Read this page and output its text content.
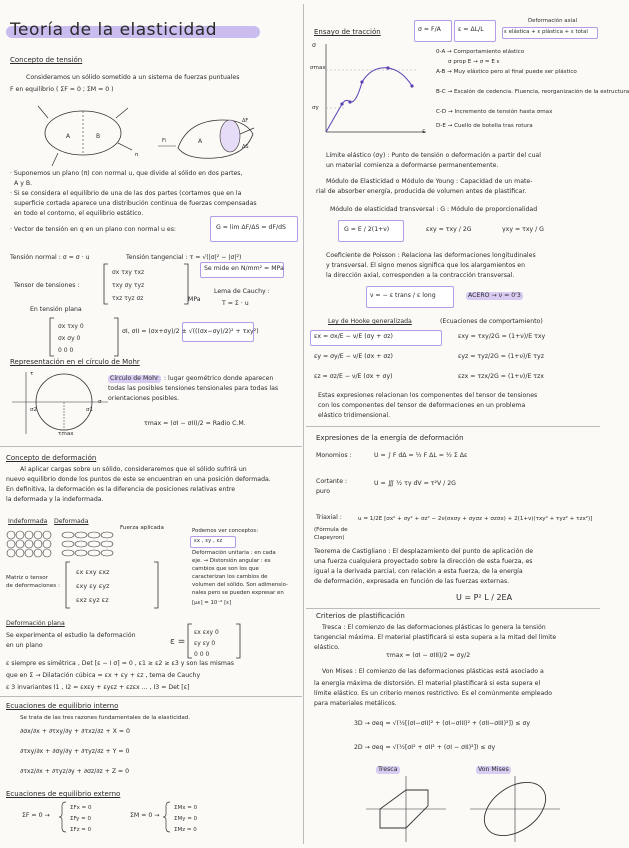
Teoría de la elasticidad
Concepto de tensión
Consideramos un sólido sometido a un sistema de fuerzas puntuales
F en equilibrio ( ΣF = 0 ; ΣM = 0 )
A	B
π
A
Fi
ΔF
ΔS
· Suponemos un plano (π) con normal u, que divide al sólido en dos partes,
A y B.
· Si se considera el equilibrio de una de las dos partes (cortamos que en la
superficie cortada aparece una distribución continua de fuerzas compensadas
en todo el contorno, el equilibrio estático.
· Vector de tensión en q en un plano con normal u es:	G = lim ΔF/ΔS = dF/dS
Tensión normal : σ = σ · u	Tensión tangencial : τ = √(|σ|² − |σ|²)
Tensor de tensiones :
σx τxy τxz
τxy σy τyz
τxz τyz σz	MPa
Se mide en N/mm² = MPa
Lema de Cauchy :
T = Σ · u
En tensión plana
σx τxy 0
σx σy 0
0 0 0
σI, σII = (σx+σy)/2 ± √(((σx−σy)/2)² + τxy²)
Representación en el círculo de Mohr
σ
τ
σ2	σ1
τmax
Círculo de Mohr : lugar geométrico donde aparecen
todas las posibles tensiones tensionales para todas las
orientaciones posibles.
τmax = (σI − σII)/2 = Radio C.M.
Concepto de deformación
Al aplicar cargas sobre un sólido, consideraremos que el sólido sufrirá un
nuevo equilibrio donde los puntos de este se encuentran en una posición deformada.
En definitiva, la deformación es la diferencia de posiciones relativas entre
la deformada y la indeformada.
Indeformada Deformada
Fuerza aplicada
Matriz o tensor
de deformaciones :
εx εxy εxz
εxy εy εyz
εxz εyz εz
Podemos ver conceptos:
εx , εy , εz
Deformación unitaria : en cada
eje. → Distorsión angular : es
cambios que son los que
caracterizan los cambios de
volumen del sólido. Son adimensio-
nales pero se pueden expresar en
[µε] = 10⁻⁶ [ε]
Deformación plana
Se experimenta el estudio la deformación
en un plano	ε =
εx εxy 0
εy εy 0
0 0 0
ε siempre es simétrica , Det [ε − I σ] = 0 , ε1 ≥ ε2 ≥ ε3 y son las mismas
que en Σ → Dilatación cúbica = εx + εy + εz , tema de Cauchy
ε 3 invariantes I1 , I2 = εxεy + εyεz + εzεx ... , I3 = Det [ε]
Ecuaciones de equilibrio interno
Se trata de las tres razones fundamentales de la elasticidad.
∂σx/∂x + ∂τxy/∂y + ∂τxz/∂z + X = 0
∂τxy/∂x + ∂σy/∂y + ∂τyz/∂z + Y = 0
∂τxz/∂x + ∂τyz/∂y + ∂σz/∂z + Z = 0
Ecuaciones de equilibrio externo
ΣF = 0 →
ΣFx = 0
ΣFy = 0
ΣFz = 0
ΣM = 0 →
ΣMx = 0
ΣMy = 0
ΣMz = 0
Ensayo de tracción	σ = F/A	ε = ΔL/L
Deformación axial
ε elástica + ε plástica + ε total
σ
ε
σmax
σy
0-A → Comportamiento elástico
σ prop E → σ = E ε
A-B → Muy elástico pero al final puede ser plástico
B-C → Escalón de cedencia. Fluencia, reorganización de la estructura
C-D → Incremento de tensión hasta σmax
D-E → Cuello de botella tras rotura
Límite elástico (σy) : Punto de tensión o deformación a partir del cual
un material comienza a deformarse permanentemente.
Módulo de Elasticidad o Módulo de Young : Capacidad de un mate-
rial de absorber energía, producida de volumen antes de plastificar.
Módulo de elasticidad transversal : G : Módulo de proporcionalidad
G = E / 2(1+ν)	εxy = τxy / 2G	γxy = τxy / G
Coeficiente de Poisson : Relaciona las deformaciones longitudinales
y transversal. El signo menos significa que los alargamientos en
la dirección axial, corresponden a la contracción transversal.
ν = − ε trans / ε long	ACERO → ν = 0'3
Ley de Hooke generalizada	(Ecuaciones de comportamiento)
εx = σx/E − ν/E (σy + σz)
εy = σy/E − ν/E (σx + σz)
εz = σz/E − ν/E (σx + σy)
εxy = τxy/2G = (1+ν)/E τxy
εyz = τyz/2G = (1+ν)/E τyz
εzx = τzx/2G = (1+ν)/E τzx
Estas expresiones relacionan los componentes del tensor de tensiones
con los componentes del tensor de deformaciones en un problema
elástico tridimensional.
Expresiones de la energía de deformación
Monomios :	U = ∫ F dΔ = ½ F ΔL = ½ Σ Δε
Cortante :
puro
U = ∭ ½ τγ dV = τ²V / 2G
Triaxial :	u = 1/2E [σx² + σy² + σz² − 2ν(σxσy + σyσz + σzσx) + 2(1+ν)(τxy² + τyz² + τzx²)]
(Fórmula de
Clapeyron)
Teorema de Castigliano : El desplazamiento del punto de aplicación de
una fuerza cualquiera proyectado sobre la dirección de esta fuerza, es
igual a la derivada parcial, con relación a esta fuerza, de la energía
de deformación, expresada en función de las fuerzas externas.
U = P² L / 2EA
Criterios de plastificación
Tresca : El comienzo de las deformaciones plásticas lo genera la tensión
tangencial máxima. El material plastificará si esta supera a la mitad del límite
elástico.
τmax = (σI − σIII)/2 = σy/2
Von Mises : El comienzo de las deformaciones plásticas está asociado a
la energía máxima de distorsión. El material plastificará si esta supera el
límite elástico. Es un criterio menos restrictivo. Es el comúnmente empleado
para materiales metálicos.
3D → σeq = √(½[(σI−σII)² + (σI−σIII)² + (σII−σIII)²]) ≤ σy
2D → σeq = √(½[σI² + σII² + (σI − σII)²]) ≤ σy
Tresca	Von Mises
